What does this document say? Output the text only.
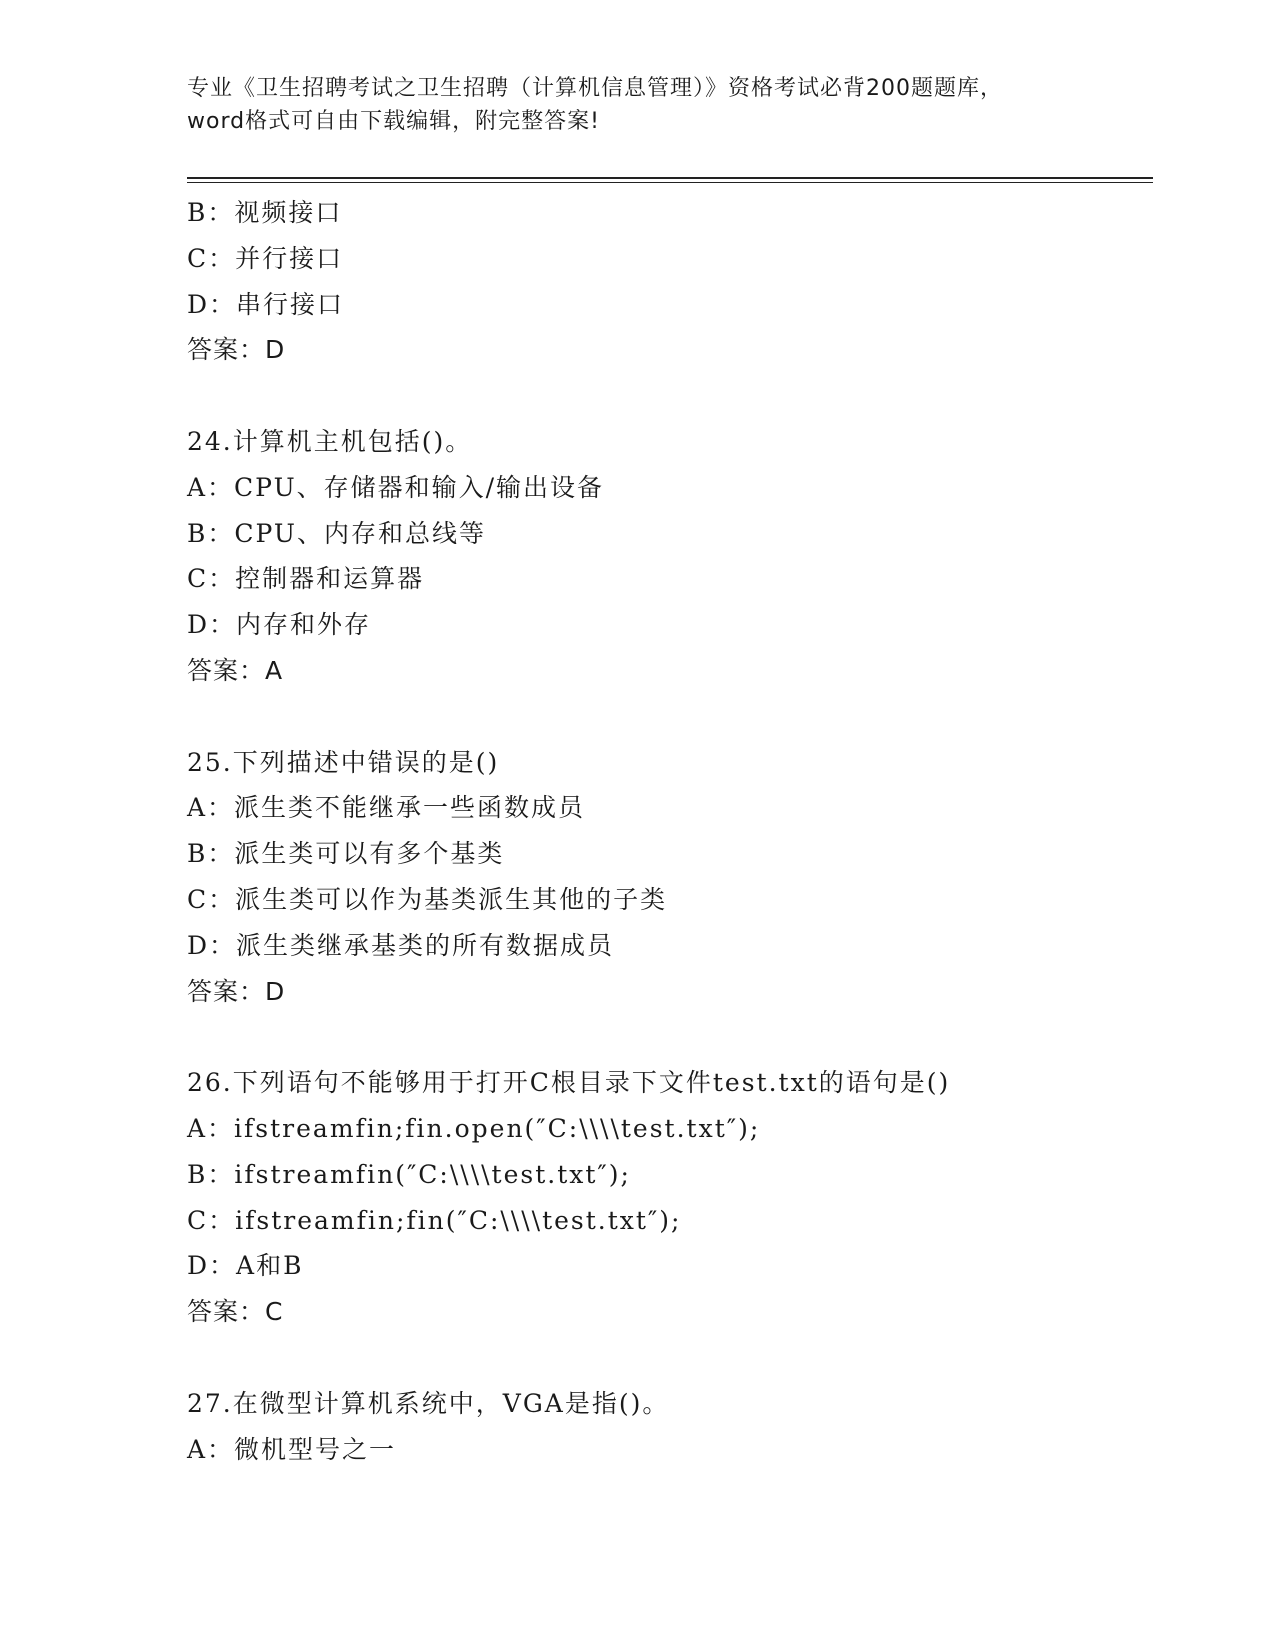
专业《卫生招聘考试之卫生招聘（计算机信息管理）》资格考试必背200题题库，
word格式可自由下载编辑，附完整答案!
B：视频接口
C：并行接口
D：串行接口
答案：D
24.计算机主机包括()。
A：CPU、存储器和输入/输出设备
B：CPU、内存和总线等
C：控制器和运算器
D：内存和外存
答案：A
25.下列描述中错误的是()
A：派生类不能继承一些函数成员
B：派生类可以有多个基类
C：派生类可以作为基类派生其他的子类
D：派生类继承基类的所有数据成员
答案：D
26.下列语句不能够用于打开C根目录下文件test.txt的语句是()
A：ifstreamfin;fin.open(″C:\\\\test.txt″);
B：ifstreamfin(″C:\\\\test.txt″);
C：ifstreamfin;fin(″C:\\\\test.txt″);
D：A和B
答案：C
27.在微型计算机系统中，VGA是指()。
A：微机型号之一
